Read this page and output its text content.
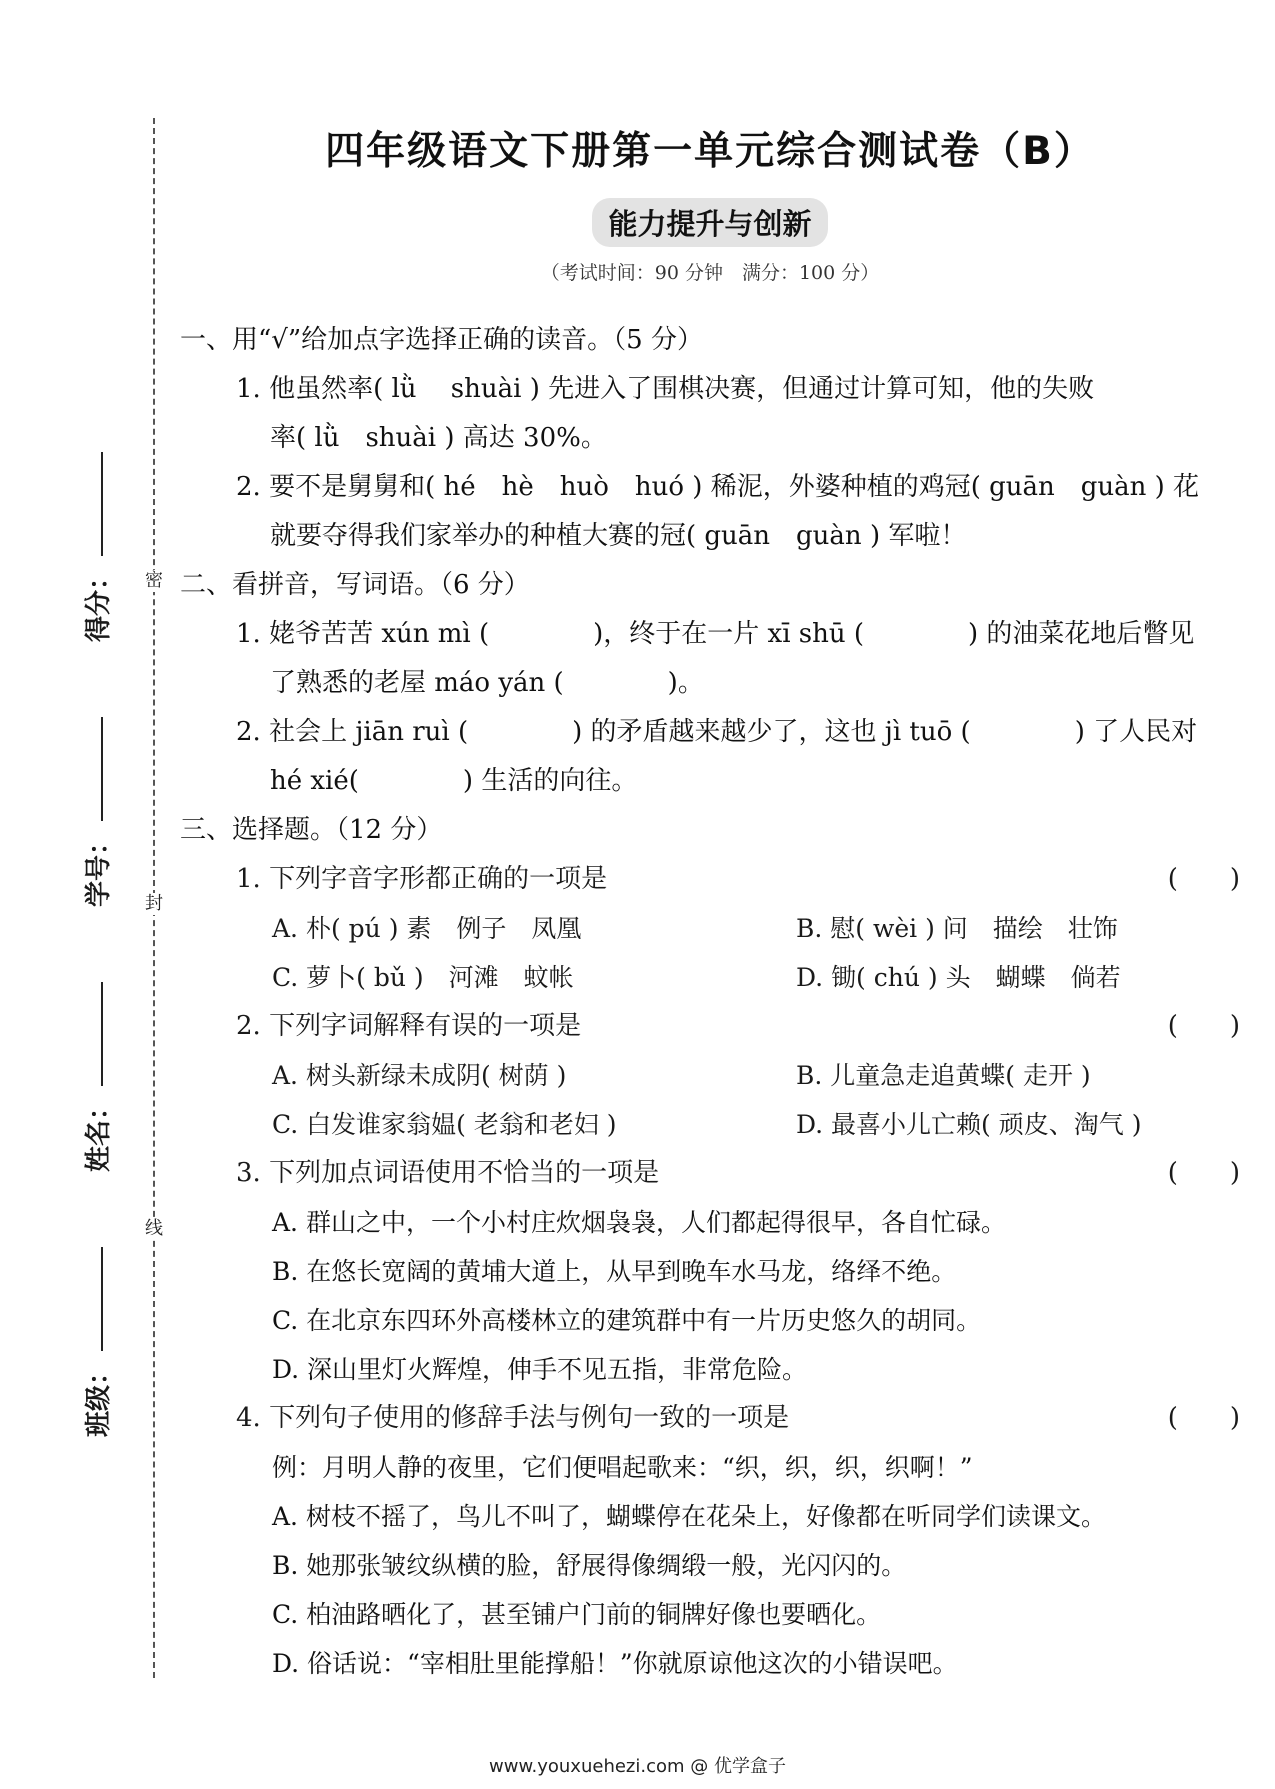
密
封
线
得分：
学号：
姓名：
班级：
四年级语文下册第一单元综合测试卷（B）
能力提升与创新
（考试时间：90 分钟　满分：100 分）
一、用“√”给加点字选择正确的读音。（5 分）
1. 他虽然率( lǜ　 shuài ) 先进入了围棋决赛，但通过计算可知，他的失败
率( lǜ　shuài ) 高达 30%。
2. 要不是舅舅和( hé　hè　huò　huó ) 稀泥，外婆种植的鸡冠( guān　guàn ) 花
就要夺得我们家举办的种植大赛的冠( guān　guàn ) 军啦！
二、看拼音，写词语。（6 分）
1. 姥爷苦苦 xún mì (　　　　)，终于在一片 xī shū (　　　　) 的油菜花地后瞥见
了熟悉的老屋 máo yán (　　　　)。
2. 社会上 jiān ruì (　　　　) 的矛盾越来越少了，这也 jì tuō (　　　　) 了人民对
hé xié(　　　　) 生活的向往。
三、选择题。（12 分）
1. 下列字音字形都正确的一项是	(　　)
A. 朴( pú ) 素　例子　凤凰	B. 慰( wèi ) 问　描绘　壮饰
C. 萝卜( bǔ )　河滩　蚊帐	D. 锄( chú ) 头　蝴蝶　倘若
2. 下列字词解释有误的一项是	(　　)
A. 树头新绿未成阴( 树荫 )	B. 儿童急走追黄蝶( 走开 )
C. 白发谁家翁媪( 老翁和老妇 )	D. 最喜小儿亡赖( 顽皮、淘气 )
3. 下列加点词语使用不恰当的一项是	(　　)
A. 群山之中，一个小村庄炊烟袅袅，人们都起得很早，各自忙碌。
B. 在悠长宽阔的黄埔大道上，从早到晚车水马龙，络绎不绝。
C. 在北京东四环外高楼林立的建筑群中有一片历史悠久的胡同。
D. 深山里灯火辉煌，伸手不见五指，非常危险。
4. 下列句子使用的修辞手法与例句一致的一项是	(　　)
例：月明人静的夜里，它们便唱起歌来：“织，织，织，织啊！”
A. 树枝不摇了，鸟儿不叫了，蝴蝶停在花朵上，好像都在听同学们读课文。
B. 她那张皱纹纵横的脸，舒展得像绸缎一般，光闪闪的。
C. 柏油路晒化了，甚至铺户门前的铜牌好像也要晒化。
D. 俗话说：“宰相肚里能撑船！”你就原谅他这次的小错误吧。
www.youxuehezi.com @ 优学盒子
